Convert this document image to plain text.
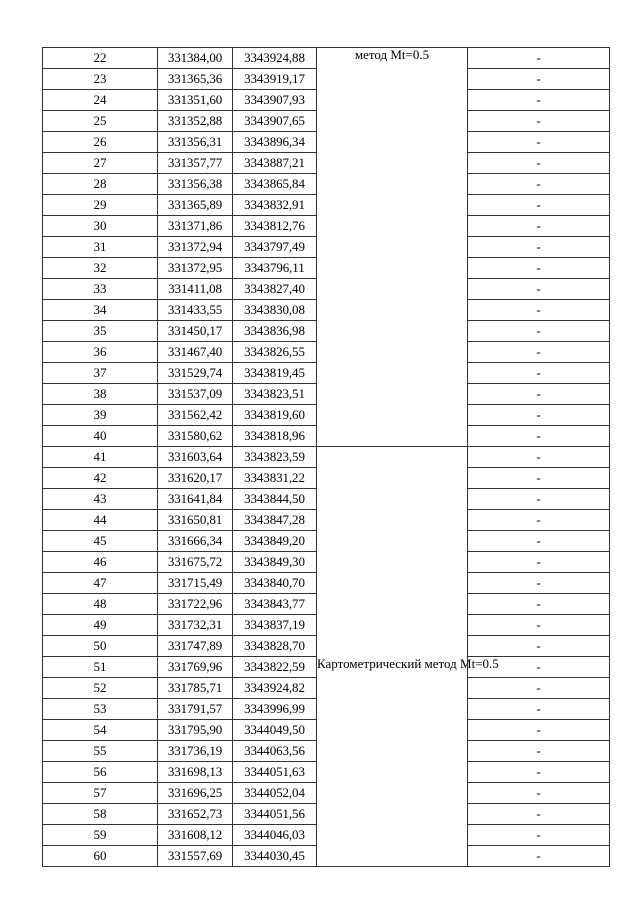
22	331384,00	3343924,88	метод Mt=0.5	-
23	331365,36	3343919,17		-
24	331351,60	3343907,93		-
25	331352,88	3343907,65		-
26	331356,31	3343896,34		-
27	331357,77	3343887,21		-
28	331356,38	3343865,84		-
29	331365,89	3343832,91		-
30	331371,86	3343812,76		-
31	331372,94	3343797,49		-
32	331372,95	3343796,11		-
33	331411,08	3343827,40		-
34	331433,55	3343830,08		-
35	331450,17	3343836,98		-
36	331467,40	3343826,55		-
37	331529,74	3343819,45		-
38	331537,09	3343823,51		-
39	331562,42	3343819,60		-
40	331580,62	3343818,96		-
41	331603,64	3343823,59	Картометрический метод Mt=0.5	-
42	331620,17	3343831,22		-
43	331641,84	3343844,50		-
44	331650,81	3343847,28		-
45	331666,34	3343849,20		-
46	331675,72	3343849,30		-
47	331715,49	3343840,70		-
48	331722,96	3343843,77		-
49	331732,31	3343837,19		-
50	331747,89	3343828,70		-
51	331769,96	3343822,59		-
52	331785,71	3343924,82		-
53	331791,57	3343996,99		-
54	331795,90	3344049,50		-
55	331736,19	3344063,56		-
56	331698,13	3344051,63		-
57	331696,25	3344052,04		-
58	331652,73	3344051,56		-
59	331608,12	3344046,03		-
60	331557,69	3344030,45		-
